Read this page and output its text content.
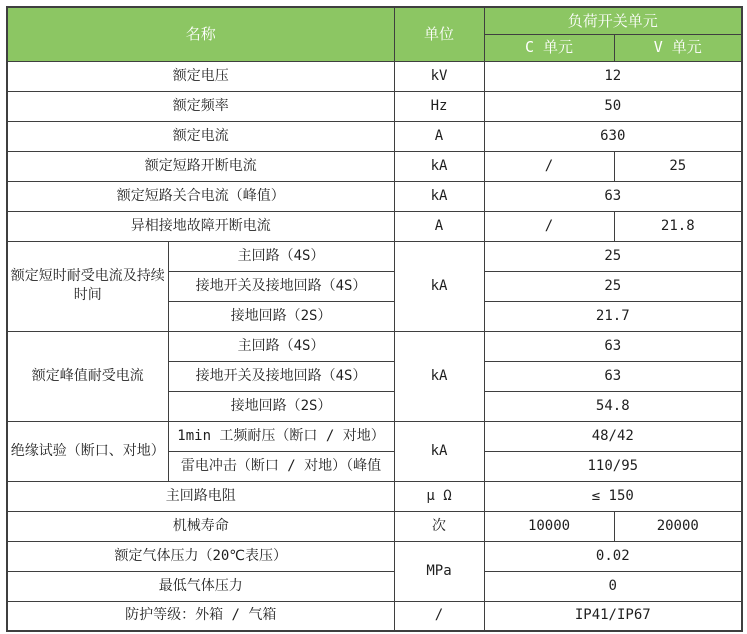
名称		单位	负荷开关单元	
			C 单元	V 单元
额定电压		kV	12	
额定频率		Hz	50	
额定电流		A	630	
额定短路开断电流		kA	/	25
额定短路关合电流（峰值）		kA	63	
异相接地故障开断电流		A	/	21.8
额定短时耐受电流及持续时间	主回路（4S）	kA	25	
	接地开关及接地回路（4S）		25	
	接地回路（2S）		21.7	
额定峰值耐受电流	主回路（4S）	kA	63	
	接地开关及接地回路（4S）		63	
	接地回路（2S）		54.8	
绝缘试验（断口、对地）	1min 工频耐压（断口 / 对地）	kA	48/42	
	雷电冲击（断口 / 对地）（峰值		110/95	
主回路电阻		μ Ω	≤ 150	
机械寿命		次	10000	20000
额定气体压力（20℃表压）		MPa	0.02	
最低气体压力			0	
防护等级：外箱 / 气箱		/	IP41/IP67	
